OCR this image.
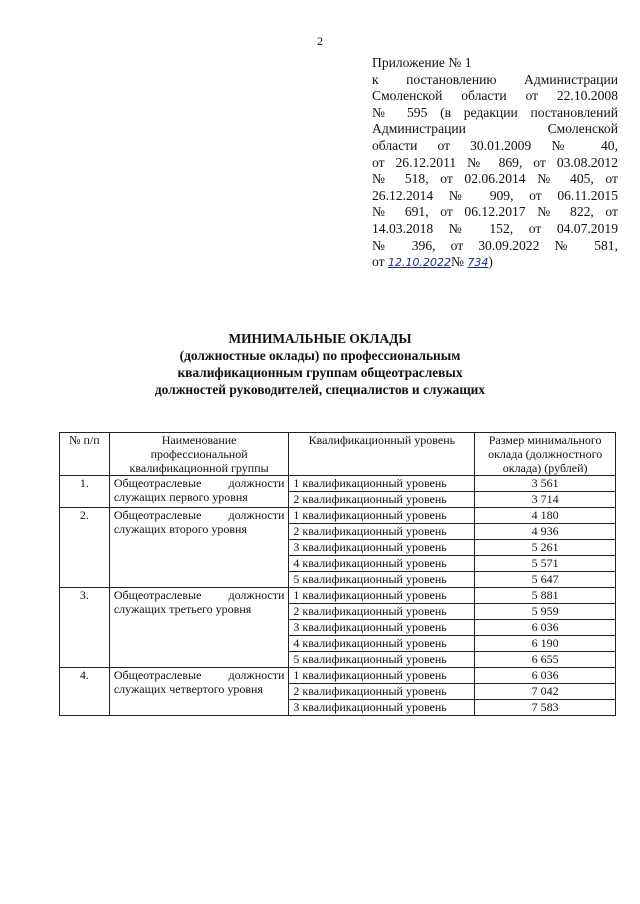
2
Приложение № 1
к постановлению Администрации
Смоленской области от 22.10.2008
№ 595 (в редакции постановлений
Администрации Смоленской
области от 30.01.2009 № 40,
от 26.12.2011 № 869, от 03.08.2012
№ 518, от 02.06.2014 № 405, от
26.12.2014 № 909, от 06.11.2015
№ 691, от 06.12.2017 № 822, от
14.03.2018 № 152, от 04.07.2019
№ 396, от 30.09.2022 № 581,
от 12.10.2022№ 734)
МИНИМАЛЬНЫЕ ОКЛАДЫ
(должностные оклады) по профессиональным
квалификационным группам общеотраслевых
должностей руководителей, специалистов и служащих
№ п/п	Наименование профессиональной квалификационной группы	Квалификационный уровень	Размер минимального оклада (должностного оклада) (рублей)
1.	Общеотраслевые должности служащих первого уровня	1 квалификационный уровень	3 561
		2 квалификационный уровень	3 714
2.	Общеотраслевые должности служащих второго уровня	1 квалификационный уровень	4 180
		2 квалификационный уровень	4 936
		3 квалификационный уровень	5 261
		4 квалификационный уровень	5 571
		5 квалификационный уровень	5 647
3.	Общеотраслевые должности служащих третьего уровня	1 квалификационный уровень	5 881
		2 квалификационный уровень	5 959
		3 квалификационный уровень	6 036
		4 квалификационный уровень	6 190
		5 квалификационный уровень	6 655
4.	Общеотраслевые должности служащих четвертого уровня	1 квалификационный уровень	6 036
		2 квалификационный уровень	7 042
		3 квалификационный уровень	7 583
